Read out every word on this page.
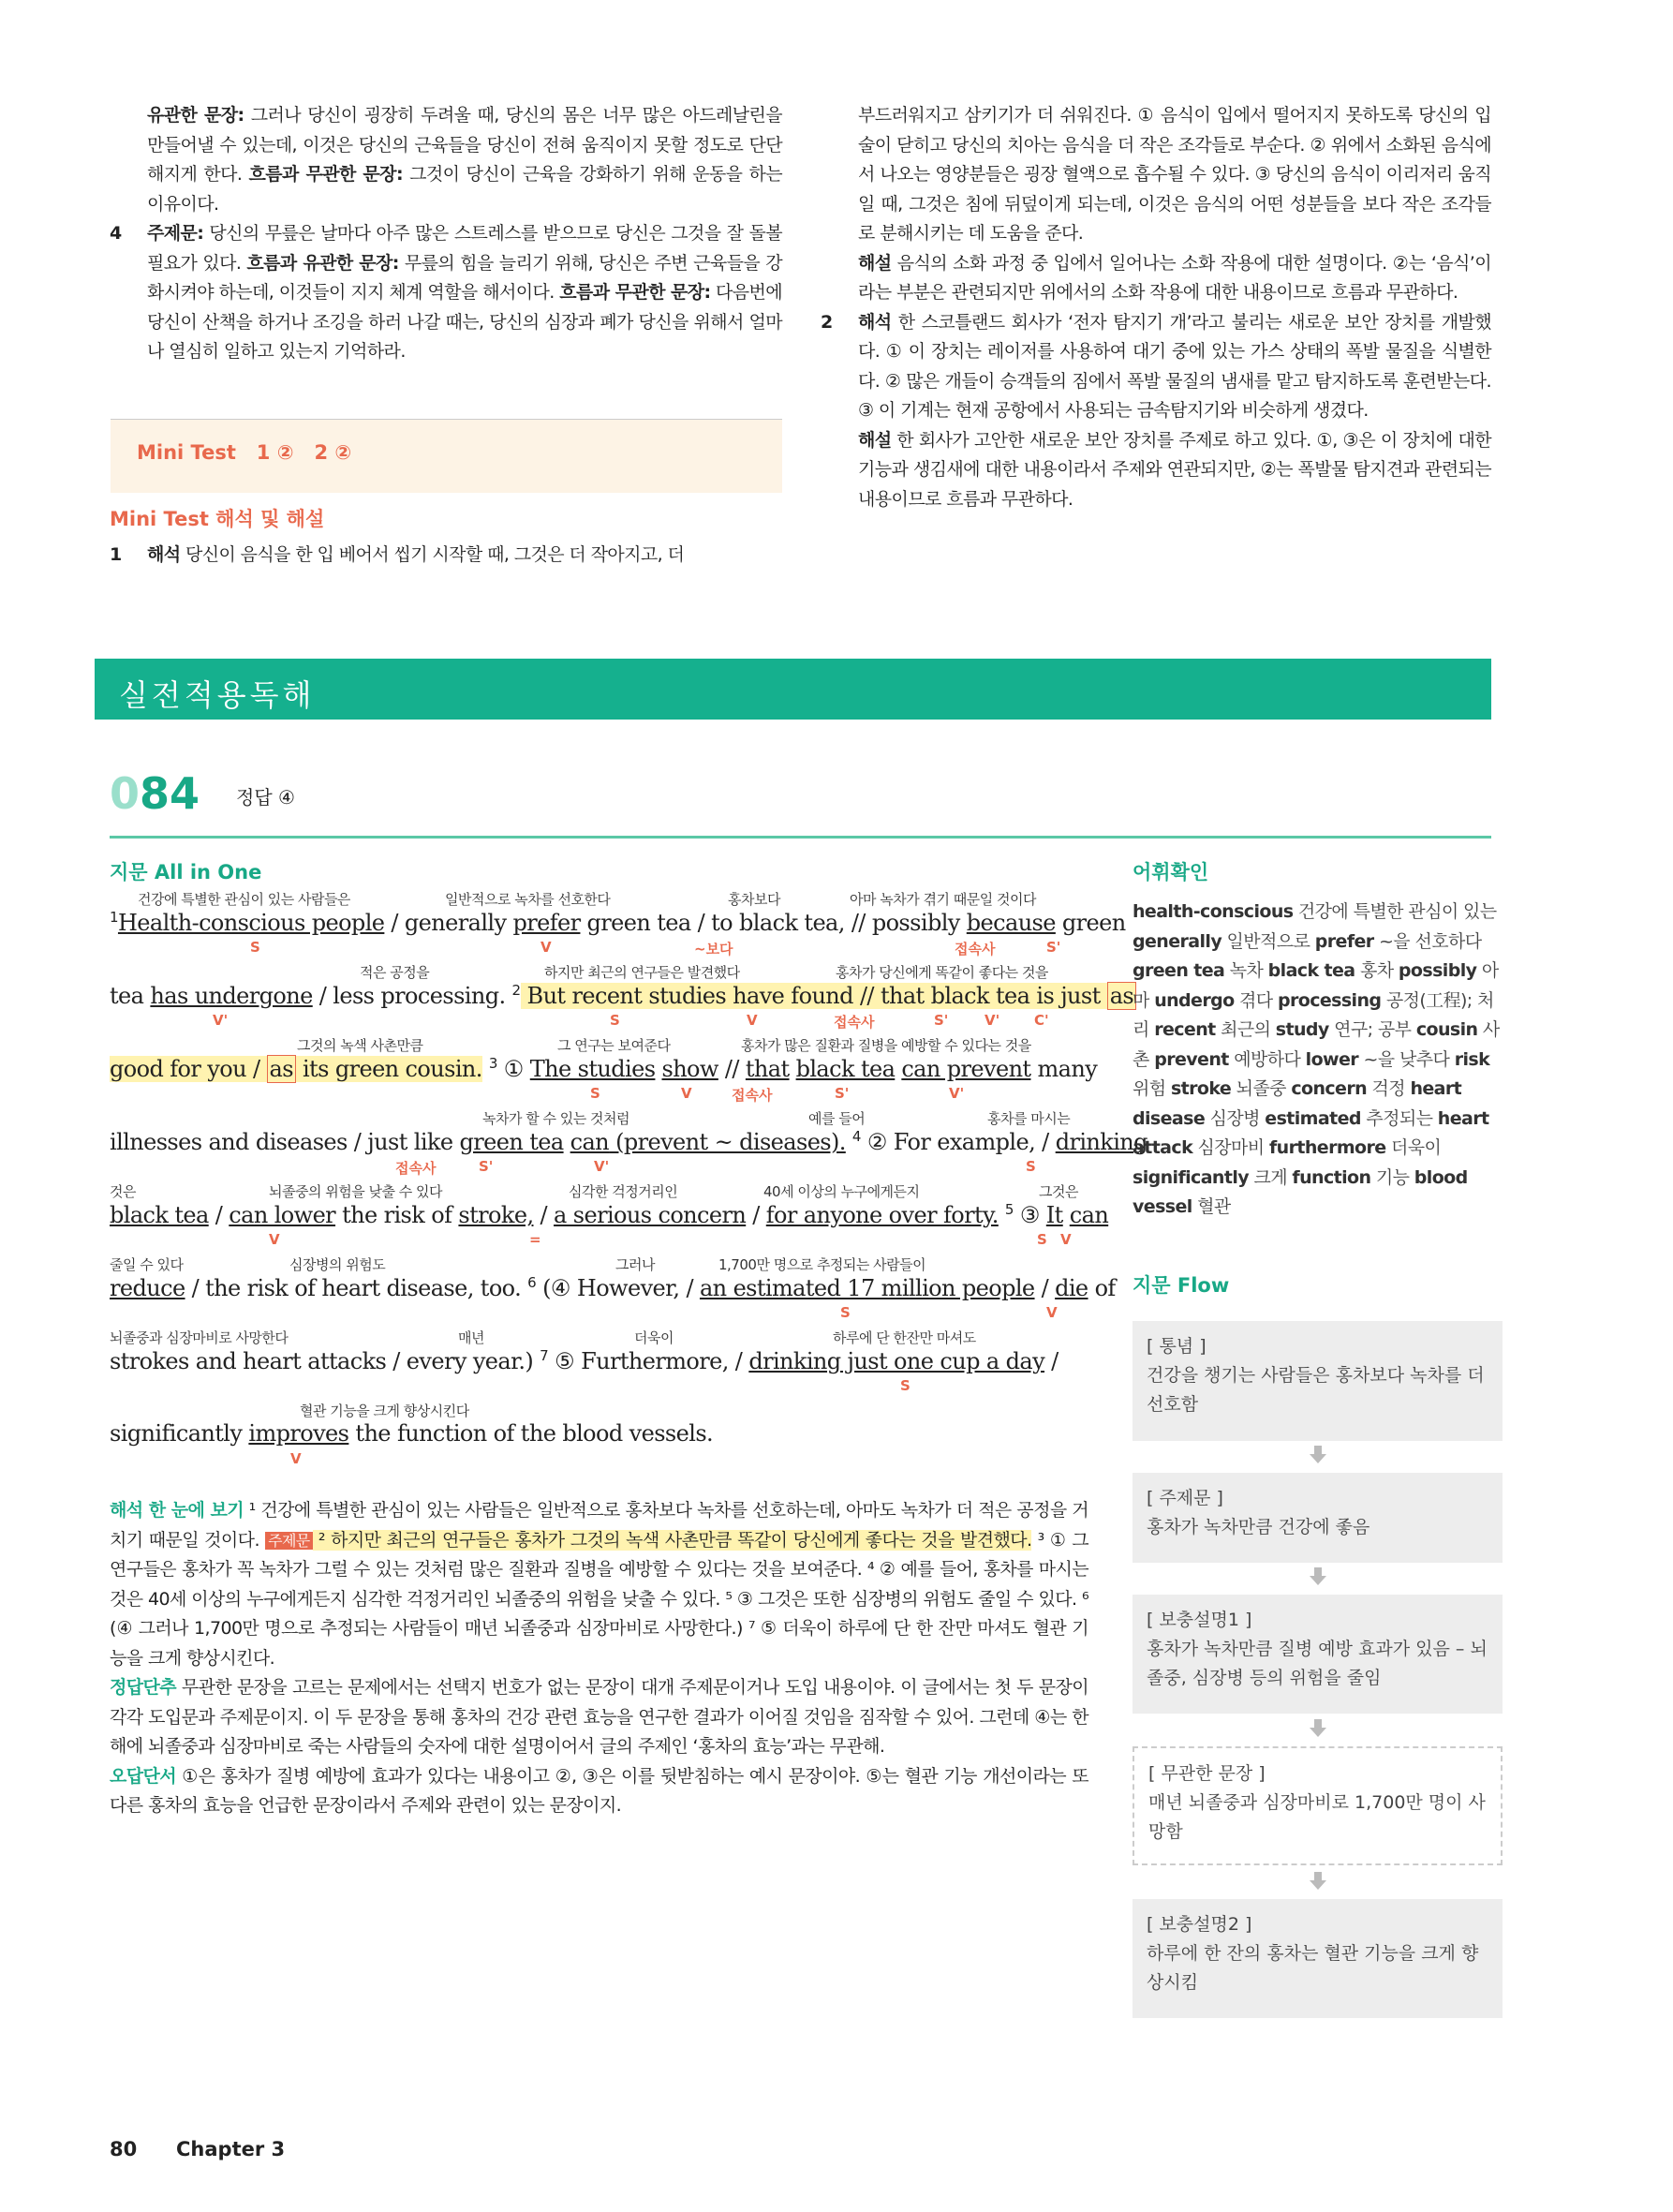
유관한 문장: 그러나 당신이 굉장히 두려울 때, 당신의 몸은 너무 많은 아드레날린을 만들어낼 수 있는데, 이것은 당신의 근육들을 당신이 전혀 움직이지 못할 정도로 단단해지게 한다. 흐름과 무관한 문장: 그것이 당신이 근육을 강화하기 위해 운동을 하는 이유이다.
4 주제문: 당신의 무릎은 날마다 아주 많은 스트레스를 받으므로 당신은 그것을 잘 돌볼 필요가 있다. 흐름과 유관한 문장: 무릎의 힘을 늘리기 위해, 당신은 주변 근육들을 강화시켜야 하는데, 이것들이 지지 체계 역할을 해서이다. 흐름과 무관한 문장: 다음번에 당신이 산책을 하거나 조깅을 하러 나갈 때는, 당신의 심장과 폐가 당신을 위해서 얼마나 열심히 일하고 있는지 기억하라.
Mini Test   1 ②   2 ②
Mini Test 해석 및 해설
1 해석 당신이 음식을 한 입 베어서 씹기 시작할 때, 그것은 더 작아지고, 더
부드러워지고 삼키기가 더 쉬워진다. ① 음식이 입에서 떨어지지 못하도록 당신의 입술이 닫히고 당신의 치아는 음식을 더 작은 조각들로 부순다. ② 위에서 소화된 음식에서 나오는 영양분들은 굉장 혈액으로 흡수될 수 있다. ③ 당신의 음식이 이리저리 움직일 때, 그것은 침에 뒤덮이게 되는데, 이것은 음식의 어떤 성분들을 보다 작은 조각들로 분해시키는 데 도움을 준다.
해설 음식의 소화 과정 중 입에서 일어나는 소화 작용에 대한 설명이다. ②는 ‘음식’이라는 부분은 관련되지만 위에서의 소화 작용에 대한 내용이므로 흐름과 무관하다.
2 해석 한 스코틀랜드 회사가 ‘전자 탐지기 개’라고 불리는 새로운 보안 장치를 개발했다. ① 이 장치는 레이저를 사용하여 대기 중에 있는 가스 상태의 폭발 물질을 식별한다. ② 많은 개들이 승객들의 짐에서 폭발 물질의 냄새를 맡고 탐지하도록 훈련받는다. ③ 이 기계는 현재 공항에서 사용되는 금속탐지기와 비슷하게 생겼다.
해설 한 회사가 고안한 새로운 보안 장치를 주제로 하고 있다. ①, ③은 이 장치에 대한 기능과 생김새에 대한 내용이라서 주제와 연관되지만, ②는 폭발물 탐지견과 관련되는 내용이므로 흐름과 무관하다.
실전적용독해
084 정답 ④
지문 All in One
건강에 특별한 관심이 있는 사람들은	일반적으로 녹차를 선호한다	홍차보다	아마 녹차가 겪기 때문일 것이다
$^1$Health-conscious people / generally prefer green tea / to black tea, // possibly because green
S	V	~보다	접속사	S'
적은 공정을	하지만 최근의 연구들은 발견했다	홍차가 당신에게 똑같이 좋다는 것을
tea has undergone / less processing. $^2$ But recent studies have found // that black tea is just as
V'	S	V	접속사	S'	V' C'
그것의 녹색 사촌만큼	그 연구는 보여준다	홍차가 많은 질환과 질병을 예방할 수 있다는 것을
good for you / as its green cousin. $^3$ ① The studies show // that black tea can prevent many
S	V	접속사	S'	V'
녹차가 할 수 있는 것처럼	예를 들어	홍차를 마시는
illnesses and diseases / just like green tea can (prevent ~ diseases). $^4$ ② For example, / drinking
접속사	S'	V'	S
것은	뇌졸중의 위험을 낮출 수 있다	심각한 걱정거리인	40세 이상의 누구에게든지	그것은
black tea / can lower the risk of stroke, / a serious concern / for anyone over forty. $^5$ ③ It can
V	=	S V
줄일 수 있다	심장병의 위험도	그러나	1,700만 명으로 추정되는 사람들이
reduce / the risk of heart disease, too. $^6$ (④ However, / an estimated 17 million people / die of
S	V
뇌졸중과 심장마비로 사망한다	매년	더욱이	하루에 단 한잔만 마셔도
strokes and heart attacks / every year.) $^7$ ⑤ Furthermore, / drinking just one cup a day /
S
혈관 기능을 크게 향상시킨다
significantly improves the function of the blood vessels.
V
해석 한 눈에 보기 ¹ 건강에 특별한 관심이 있는 사람들은 일반적으로 홍차보다 녹차를 선호하는데, 아마도 녹차가 더 적은 공정을 거치기 때문일 것이다. 주제문 ² 하지만 최근의 연구들은 홍차가 그것의 녹색 사촌만큼 똑같이 당신에게 좋다는 것을 발견했다. ³ ① 그 연구들은 홍차가 꼭 녹차가 그럴 수 있는 것처럼 많은 질환과 질병을 예방할 수 있다는 것을 보여준다. ⁴ ② 예를 들어, 홍차를 마시는 것은 40세 이상의 누구에게든지 심각한 걱정거리인 뇌졸중의 위험을 낮출 수 있다. ⁵ ③ 그것은 또한 심장병의 위험도 줄일 수 있다. ⁶ (④ 그러나 1,700만 명으로 추정되는 사람들이 매년 뇌졸중과 심장마비로 사망한다.) ⁷ ⑤ 더욱이 하루에 단 한 잔만 마셔도 혈관 기능을 크게 향상시킨다.
정답단추 무관한 문장을 고르는 문제에서는 선택지 번호가 없는 문장이 대개 주제문이거나 도입 내용이야. 이 글에서는 첫 두 문장이 각각 도입문과 주제문이지. 이 두 문장을 통해 홍차의 건강 관련 효능을 연구한 결과가 이어질 것임을 짐작할 수 있어. 그런데 ④는 한 해에 뇌졸중과 심장마비로 죽는 사람들의 숫자에 대한 설명이어서 글의 주제인 ‘홍차의 효능’과는 무관해.
오답단서 ①은 홍차가 질병 예방에 효과가 있다는 내용이고 ②, ③은 이를 뒷받침하는 예시 문장이야. ⑤는 혈관 기능 개선이라는 또 다른 홍차의 효능을 언급한 문장이라서 주제와 관련이 있는 문장이지.
어휘확인
health-conscious 건강에 특별한 관심이 있는 generally 일반적으로 prefer ~을 선호하다 green tea 녹차 black tea 홍차 possibly 아마 undergo 겪다 processing 공정(工程); 처리 recent 최근의 study 연구; 공부 cousin 사촌 prevent 예방하다 lower ~을 낮추다 risk 위험 stroke 뇌졸중 concern 걱정 heart disease 심장병 estimated 추정되는 heart attack 심장마비 furthermore 더욱이 significantly 크게 function 기능 blood vessel 혈관
지문 Flow
[ 통념 ]
건강을 챙기는 사람들은 홍차보다 녹차를 더 선호함
[ 주제문 ]
홍차가 녹차만큼 건강에 좋음
[ 보충설명1 ]
홍차가 녹차만큼 질병 예방 효과가 있음 – 뇌졸중, 심장병 등의 위험을 줄임
[ 무관한 문장 ]
매년 뇌졸중과 심장마비로 1,700만 명이 사망함
[ 보충설명2 ]
하루에 한 잔의 홍차는 혈관 기능을 크게 향상시킴
80 Chapter 3
